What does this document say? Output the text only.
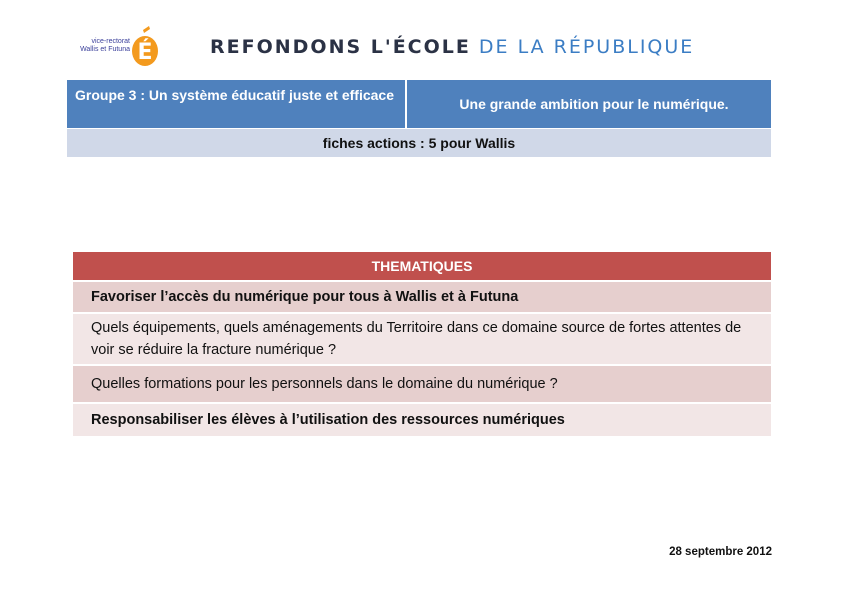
vice-rectorat
Wallis et Futuna É	REFONDONS L'ÉCOLE DE LA RÉPUBLIQUE
Groupe 3 : Un système éducatif juste et efficace
Une grande ambition pour le numérique.
fiches actions : 5 pour Wallis
THEMATIQUES
Favoriser l’accès du numérique pour tous à Wallis et à Futuna
Quels équipements, quels aménagements du Territoire dans ce domaine source de fortes attentes de voir se réduire la fracture numérique ?
Quelles formations pour les personnels dans le domaine du numérique ?
Responsabiliser les élèves à l’utilisation des ressources numériques
28 septembre 2012
